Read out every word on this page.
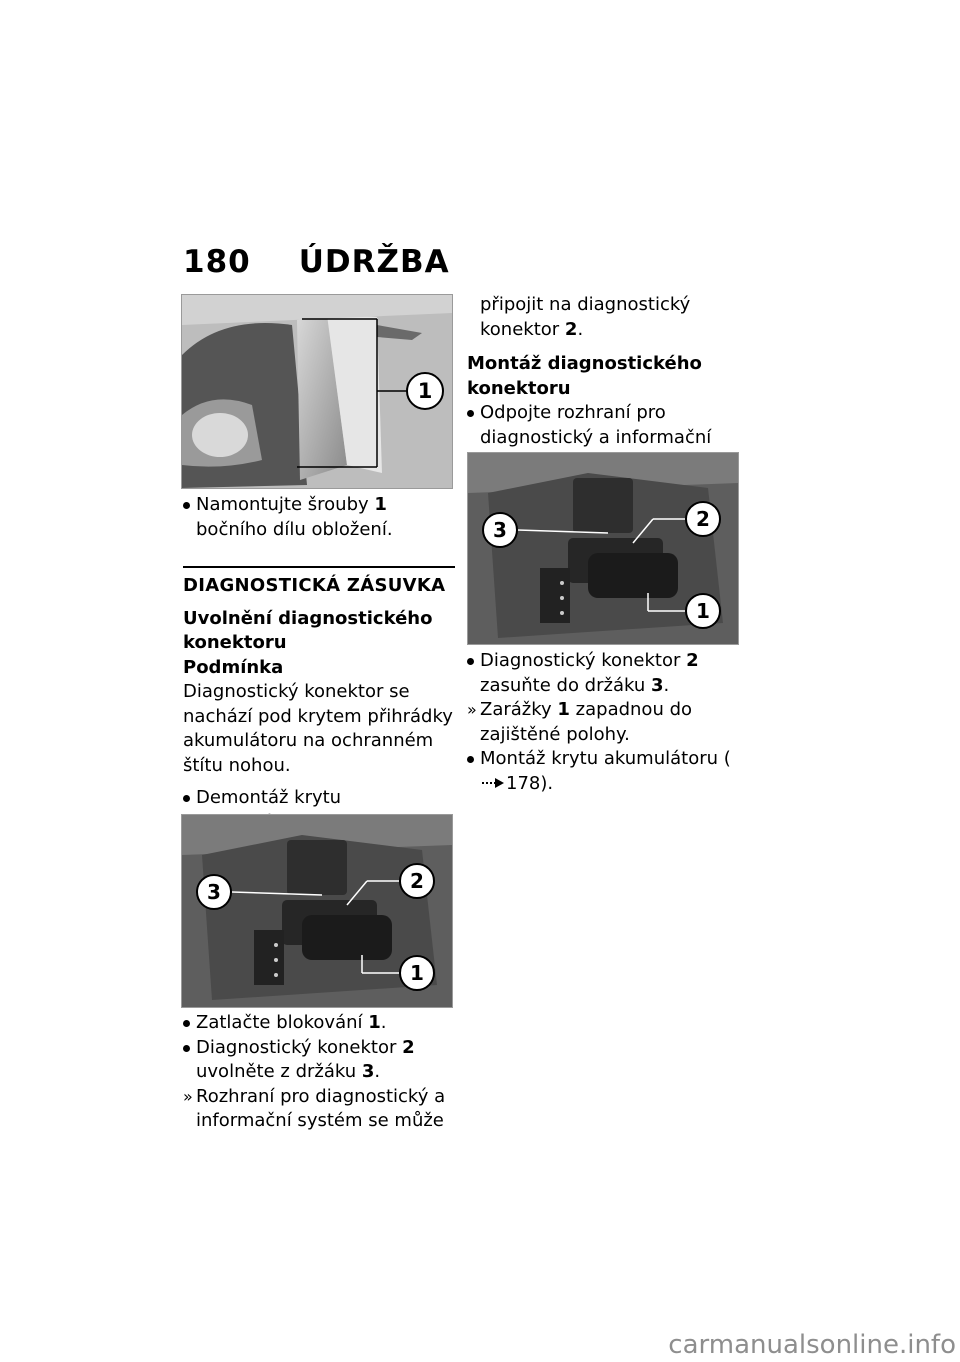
180 ÚDRŽBA
1
Namontujte šrouby 1 bočního dílu obložení.
DIAGNOSTICKÁ ZÁSUVKA
Uvolnění diagnostického konektoru
Podmínka
Diagnostický konektor se nachází pod krytem přihrádky akumulátoru na ochranném štítu nohou.
Demontáž krytu
3	2
1
Zatlačte blokování 1.
Diagnostický konektor 2 uvolněte z držáku 3.
» Rozhraní pro diagnostický a informační systém se může
připojit na diagnostický konektor 2.
Montáž diagnostického konektoru
Odpojte rozhraní pro diagnostický a informační
3	2
1
Diagnostický konektor 2 zasuňte do držáku 3.
» Zarážky 1 zapadnou do zajištěné polohy.
Montáž krytu akumulátoru (178).
carmanualsonline.info
